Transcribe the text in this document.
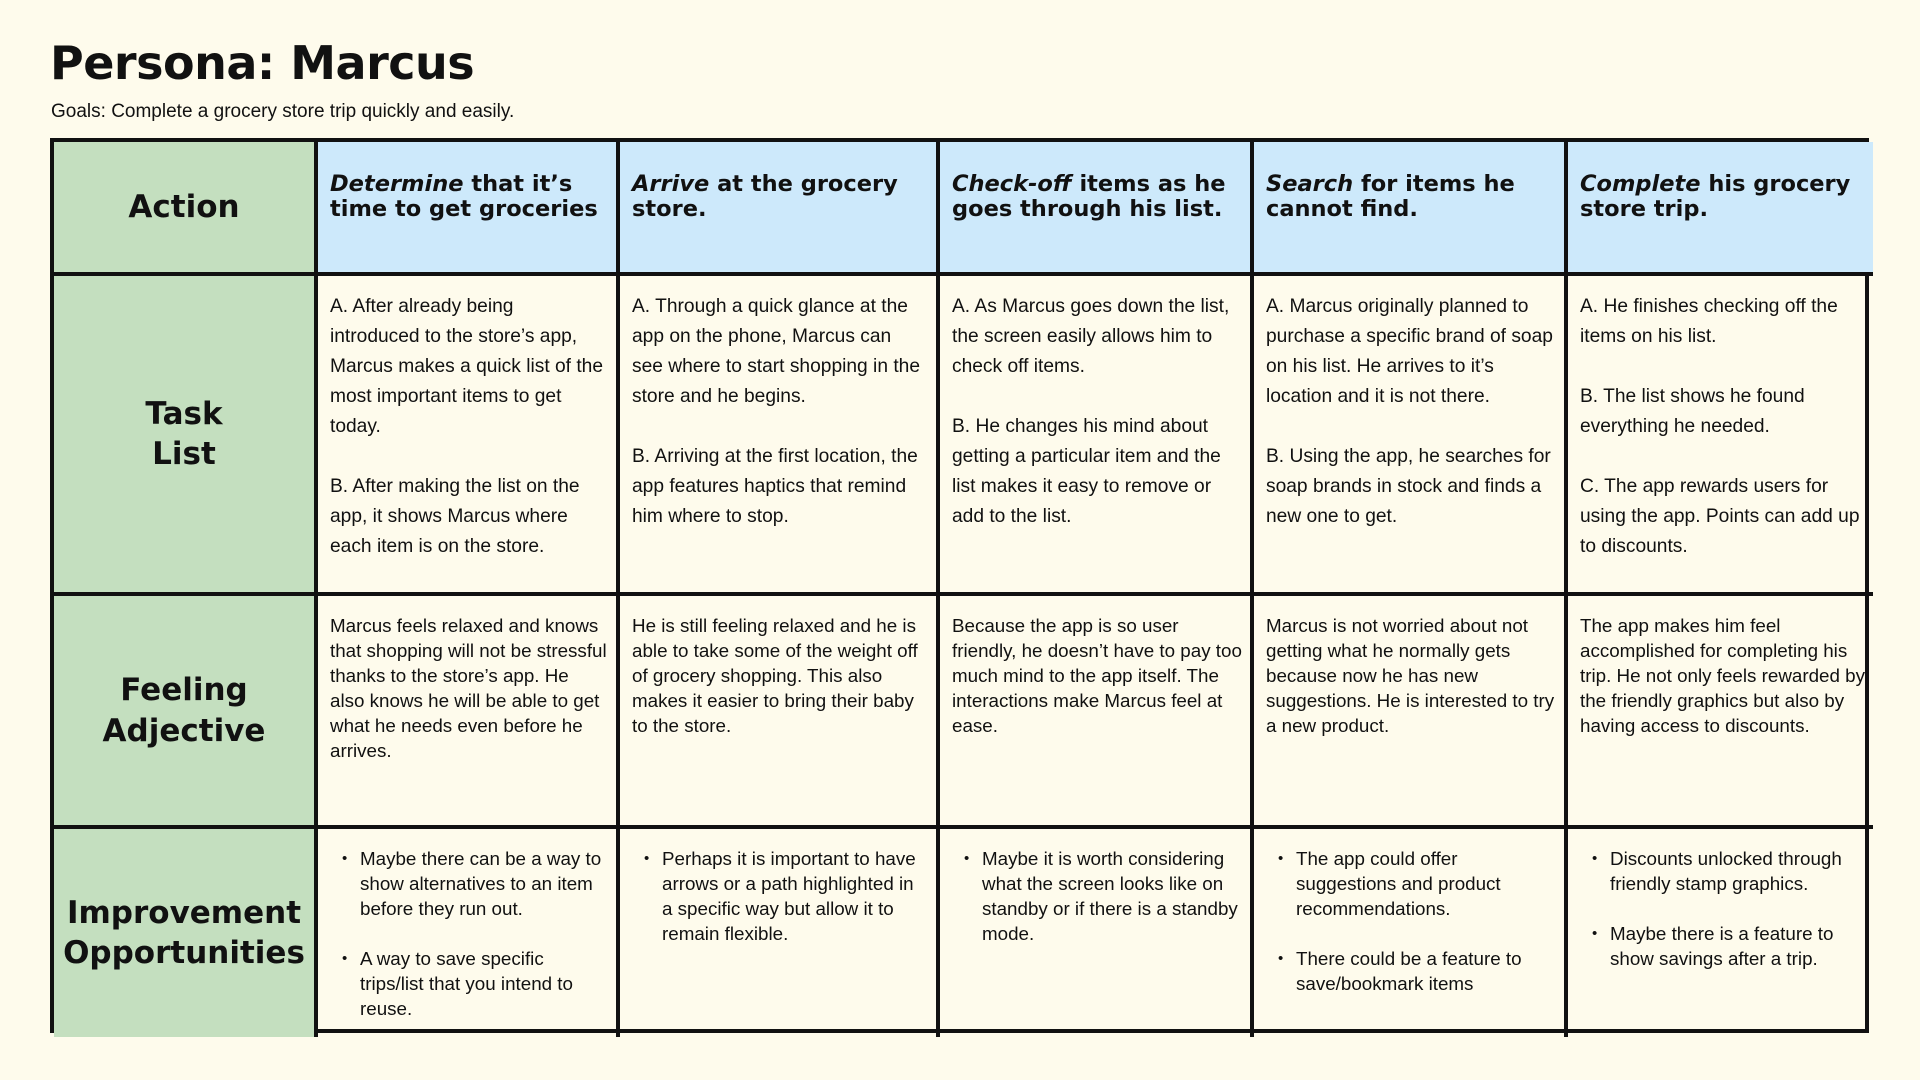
Persona: Marcus
Goals: Complete a grocery store trip quickly and easily.
Action
Determine that it’s time to get groceries
Arrive at the grocery store.
Check-off items as he goes through his list.
Search for items he cannot find.
Complete his grocery store trip.
Task
List
A. After already being introduced to the store’s app, Marcus makes a quick list of the most important items to get today.

B. After making the list on the app, it shows Marcus where each item is on the store.
A. Through a quick glance at the app on the phone, Marcus can see where to start shopping in the store and he begins.

B. Arriving at the first location, the app features haptics that remind him where to stop.
A. As Marcus goes down the list, the screen easily allows him to check off items.

B. He changes his mind about getting a particular item and the list makes it easy to remove or add to the list.
A. Marcus originally planned to purchase a specific brand of soap on his list. He arrives to it’s location and it is not there.

B. Using the app, he searches for soap brands in stock and finds a new one to get.
A. He finishes checking off the items on his list.

B. The list shows he found everything he needed.

C. The app rewards users for using the app. Points can add up to discounts.
Feeling
Adjective
Marcus feels relaxed and knows that shopping will not be stressful thanks to the store’s app. He also knows he will be able to get what he needs even before he arrives.
He is still feeling relaxed and he is able to take some of the weight off of grocery shopping. This also makes it easier to bring their baby to the store.
Because the app is so user friendly, he doesn’t have to pay too much mind to the app itself. The interactions make Marcus feel at ease.
Marcus is not worried about not getting what he normally gets because now he has new suggestions. He is interested to try a new product.
The app makes him feel accomplished for completing his trip. He not only feels rewarded by the friendly graphics but also by having access to discounts.
Improvement
Opportunities
• Maybe there can be a way to show alternatives to an item before they run out.
• A way to save specific trips/list that you intend to reuse.
• Perhaps it is important to have arrows or a path highlighted in a specific way but allow it to remain flexible.
• Maybe it is worth considering what the screen looks like on standby or if there is a standby mode.
• The app could offer suggestions and product recommendations.
• There could be a feature to save/bookmark items
• Discounts unlocked through friendly stamp graphics.
• Maybe there is a feature to show savings after a trip.
